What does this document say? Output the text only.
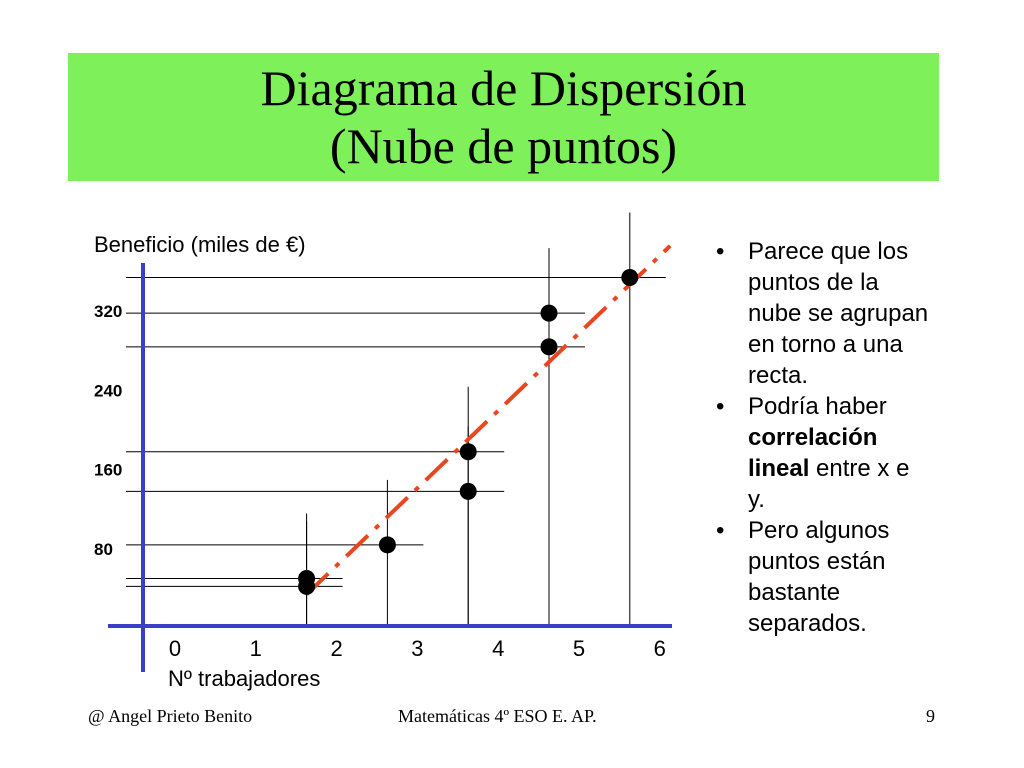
Diagrama de Dispersión
(Nube de puntos)
0	1	2	3	4	5	6
80
160
240
320
Beneficio (miles de €)
Nº trabajadores
• Parece que los puntos de la nube se agrupan en torno a una recta.
• Podría haber correlación lineal entre x e y.
• Pero algunos puntos están bastante separados.
@ Angel Prieto Benito	Matemáticas 4º ESO E. AP.	9
